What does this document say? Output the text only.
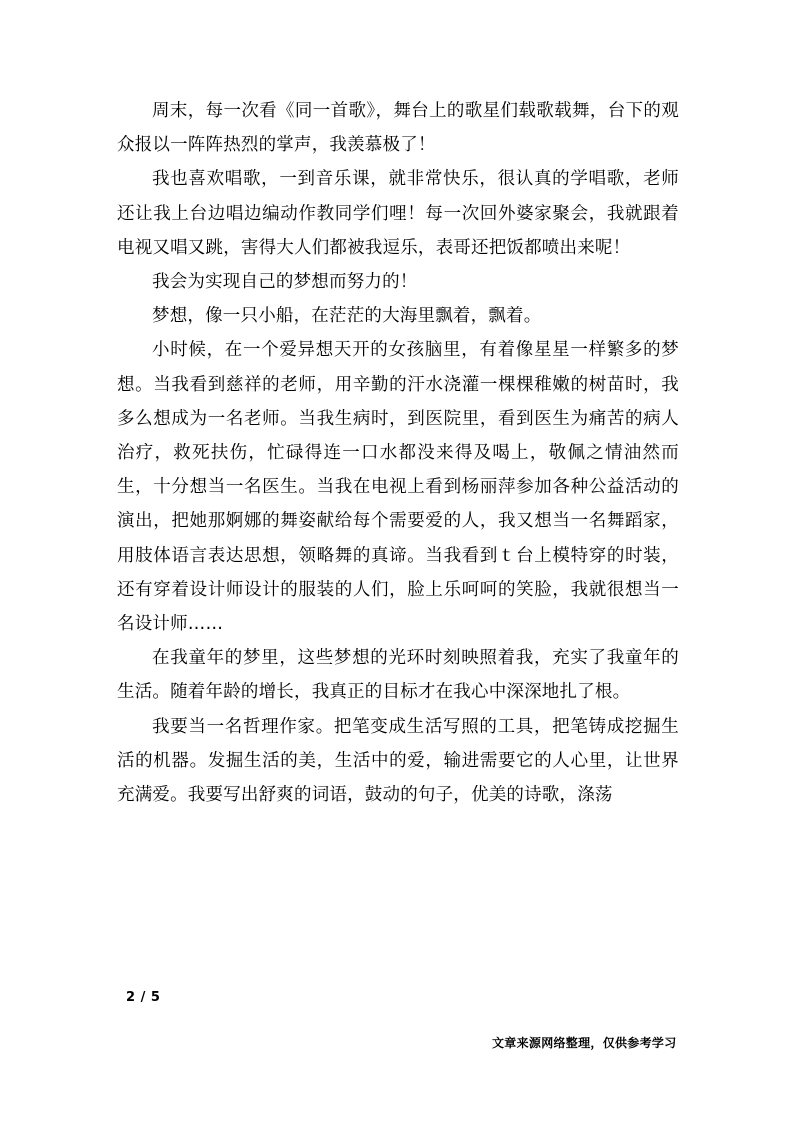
周末，每一次看《同一首歌》，舞台上的歌星们载歌载舞，台下的观众报以一阵阵热烈的掌声，我羡慕极了！

我也喜欢唱歌，一到音乐课，就非常快乐，很认真的学唱歌，老师还让我上台边唱边编动作教同学们哩！每一次回外婆家聚会，我就跟着电视又唱又跳，害得大人们都被我逗乐，表哥还把饭都喷出来呢！

我会为实现自己的梦想而努力的！

梦想，像一只小船，在茫茫的大海里飘着，飘着。

小时候，在一个爱异想天开的女孩脑里，有着像星星一样繁多的梦想。当我看到慈祥的老师，用辛勤的汗水浇灌一棵棵稚嫩的树苗时，我多么想成为一名老师。当我生病时，到医院里，看到医生为痛苦的病人治疗，救死扶伤，忙碌得连一口水都没来得及喝上，敬佩之情油然而生，十分想当一名医生。当我在电视上看到杨丽萍参加各种公益活动的演出，把她那婀娜的舞姿献给每个需要爱的人，我又想当一名舞蹈家，用肢体语言表达思想，领略舞的真谛。当我看到ｔ台上模特穿的时装，还有穿着设计师设计的服装的人们，脸上乐呵呵的笑脸，我就很想当一名设计师……

在我童年的梦里，这些梦想的光环时刻映照着我，充实了我童年的生活。随着年龄的增长，我真正的目标才在我心中深深地扎了根。

我要当一名哲理作家。把笔变成生活写照的工具，把笔铸成挖掘生活的机器。发掘生活的美，生活中的爱，输进需要它的人心里，让世界充满爱。我要写出舒爽的词语，鼓动的句子，优美的诗歌，涤荡

2 / 5
文章来源网络整理，仅供参考学习
